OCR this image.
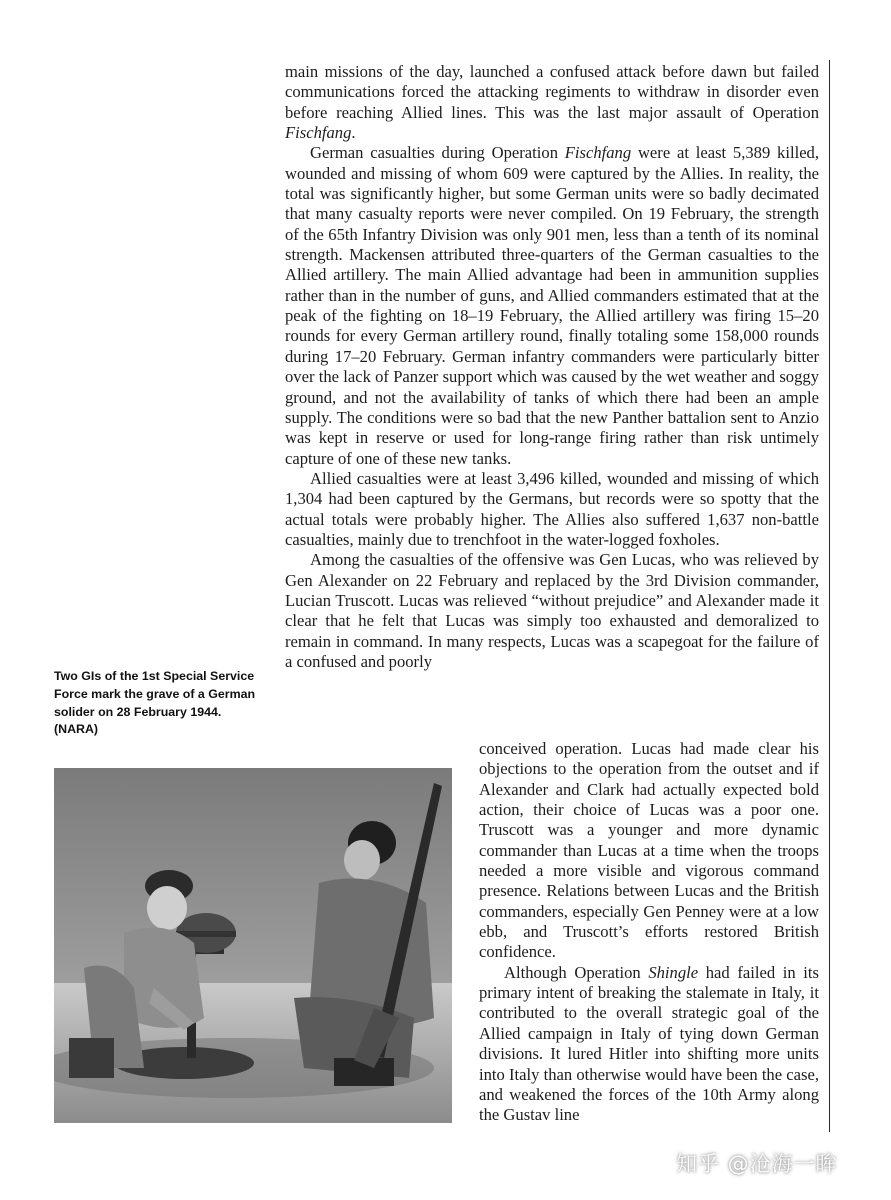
main missions of the day, launched a confused attack before dawn but failed communications forced the attacking regiments to withdraw in disorder even before reaching Allied lines. This was the last major assault of Operation Fischfang.

German casualties during Operation Fischfang were at least 5,389 killed, wounded and missing of whom 609 were captured by the Allies. In reality, the total was significantly higher, but some German units were so badly decimated that many casualty reports were never compiled. On 19 February, the strength of the 65th Infantry Division was only 901 men, less than a tenth of its nominal strength. Mackensen attributed three-quarters of the German casualties to the Allied artillery. The main Allied advantage had been in ammunition supplies rather than in the number of guns, and Allied commanders estimated that at the peak of the fighting on 18–19 February, the Allied artillery was firing 15–20 rounds for every German artillery round, finally totaling some 158,000 rounds during 17–20 February. German infantry commanders were particularly bitter over the lack of Panzer support which was caused by the wet weather and soggy ground, and not the availability of tanks of which there had been an ample supply. The conditions were so bad that the new Panther battalion sent to Anzio was kept in reserve or used for long-range firing rather than risk untimely capture of one of these new tanks.

Allied casualties were at least 3,496 killed, wounded and missing of which 1,304 had been captured by the Germans, but records were so spotty that the actual totals were probably higher. The Allies also suffered 1,637 non-battle casualties, mainly due to trenchfoot in the water-logged foxholes.

Among the casualties of the offensive was Gen Lucas, who was relieved by Gen Alexander on 22 February and replaced by the 3rd Division commander, Lucian Truscott. Lucas was relieved “without prejudice” and Alexander made it clear that he felt that Lucas was simply too exhausted and demoralized to remain in command. In many respects, Lucas was a scapegoat for the failure of a confused and poorly

conceived operation. Lucas had made clear his objections to the operation from the outset and if Alexander and Clark had actually expected bold action, their choice of Lucas was a poor one. Truscott was a younger and more dynamic commander than Lucas at a time when the troops needed a more visible and vigorous command presence. Relations between Lucas and the British commanders, especially Gen Penney were at a low ebb, and Truscott’s efforts restored British confidence.

Although Operation Shingle had failed in its primary intent of breaking the stalemate in Italy, it contributed to the overall strategic goal of the Allied campaign in Italy of tying down German divisions. It lured Hitler into shifting more units into Italy than otherwise would have been the case, and weakened the forces of the 10th Army along the Gustav line

Two GIs of the 1st Special Service Force mark the grave of a German solider on 28 February 1944. (NARA)
知乎 @沧海一眸
